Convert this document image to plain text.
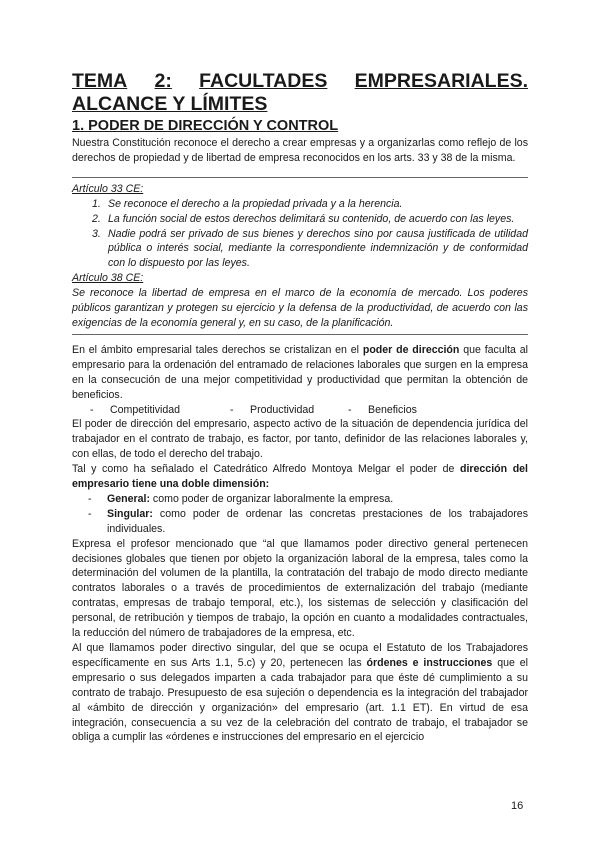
TEMA 2: FACULTADES EMPRESARIALES.
ALCANCE Y LÍMITES
1. PODER DE DIRECCIÓN Y CONTROL

Nuestra Constitución reconoce el derecho a crear empresas y a organizarlas como reflejo de los derechos de propiedad y de libertad de empresa reconocidos en los arts. 33 y 38 de la misma.

Artículo 33 CE:

1. Se reconoce el derecho a la propiedad privada y a la herencia.
2. La función social de estos derechos delimitará su contenido, de acuerdo con las leyes.
3. Nadie podrá ser privado de sus bienes y derechos sino por causa justificada de utilidad pública o interés social, mediante la correspondiente indemnización y de conformidad con lo dispuesto por las leyes.

Artículo 38 CE:

Se reconoce la libertad de empresa en el marco de la economía de mercado. Los poderes públicos garantizan y protegen su ejercicio y la defensa de la productividad, de acuerdo con las exigencias de la economía general y, en su caso, de la planificación.

En el ámbito empresarial tales derechos se cristalizan en el poder de dirección que faculta al empresario para la ordenación del entramado de relaciones laborales que surgen en la empresa en la consecución de una mejor competitividad y productividad que permitan la obtención de beneficios.

-	Competitividad	-	Productividad	-	Beneficios

El poder de dirección del empresario, aspecto activo de la situación de dependencia jurídica del trabajador en el contrato de trabajo, es factor, por tanto, definidor de las relaciones laborales y, con ellas, de todo el derecho del trabajo.

Tal y como ha señalado el Catedrático Alfredo Montoya Melgar el poder de dirección del empresario tiene una doble dimensión:

-	General: como poder de organizar laboralmente la empresa.
-	Singular: como poder de ordenar las concretas prestaciones de los trabajadores individuales.

Expresa el profesor mencionado que “al que llamamos poder directivo general pertenecen decisiones globales que tienen por objeto la organización laboral de la empresa, tales como la determinación del volumen de la plantilla, la contratación del trabajo de modo directo mediante contratos laborales o a través de procedimientos de externalización del trabajo (mediante contratas, empresas de trabajo temporal, etc.), los sistemas de selección y clasificación del personal, de retribución y tiempos de trabajo, la opción en cuanto a modalidades contractuales, la reducción del número de trabajadores de la empresa, etc.

Al que llamamos poder directivo singular, del que se ocupa el Estatuto de los Trabajadores específicamente en sus Arts 1.1, 5.c) y 20, pertenecen las órdenes e instrucciones que el empresario o sus delegados imparten a cada trabajador para que éste dé cumplimiento a su contrato de trabajo. Presupuesto de esa sujeción o dependencia es la integración del trabajador al «ámbito de dirección y organización» del empresario (art. 1.1 ET). En virtud de esa integración, consecuencia a su vez de la celebración del contrato de trabajo, el trabajador se obliga a cumplir las «órdenes e instrucciones del empresario en el ejercicio

16
